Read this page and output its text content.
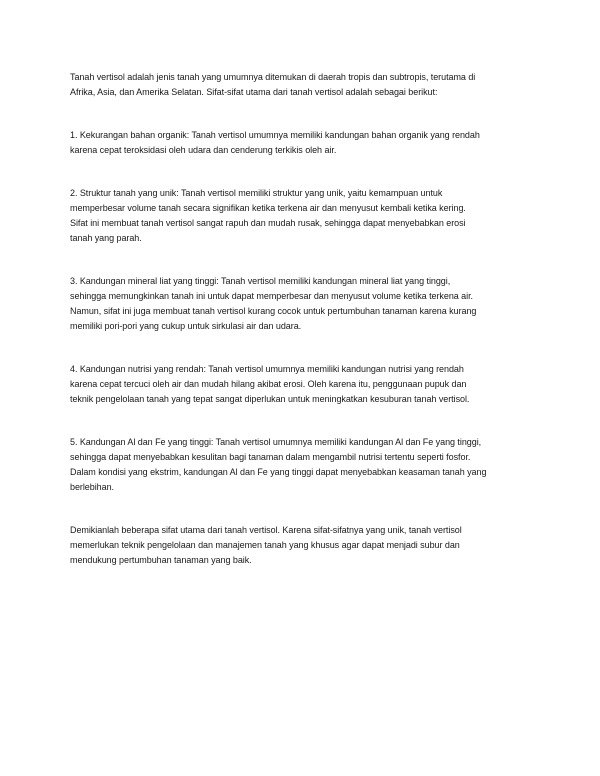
Tanah vertisol adalah jenis tanah yang umumnya ditemukan di daerah tropis dan subtropis, terutama di
Afrika, Asia, dan Amerika Selatan. Sifat-sifat utama dari tanah vertisol adalah sebagai berikut:

1. Kekurangan bahan organik: Tanah vertisol umumnya memiliki kandungan bahan organik yang rendah
karena cepat teroksidasi oleh udara dan cenderung terkikis oleh air.

2. Struktur tanah yang unik: Tanah vertisol memiliki struktur yang unik, yaitu kemampuan untuk
memperbesar volume tanah secara signifikan ketika terkena air dan menyusut kembali ketika kering.
Sifat ini membuat tanah vertisol sangat rapuh dan mudah rusak, sehingga dapat menyebabkan erosi
tanah yang parah.

3. Kandungan mineral liat yang tinggi: Tanah vertisol memiliki kandungan mineral liat yang tinggi,
sehingga memungkinkan tanah ini untuk dapat memperbesar dan menyusut volume ketika terkena air.
Namun, sifat ini juga membuat tanah vertisol kurang cocok untuk pertumbuhan tanaman karena kurang
memiliki pori-pori yang cukup untuk sirkulasi air dan udara.

4. Kandungan nutrisi yang rendah: Tanah vertisol umumnya memiliki kandungan nutrisi yang rendah
karena cepat tercuci oleh air dan mudah hilang akibat erosi. Oleh karena itu, penggunaan pupuk dan
teknik pengelolaan tanah yang tepat sangat diperlukan untuk meningkatkan kesuburan tanah vertisol.

5. Kandungan Al dan Fe yang tinggi: Tanah vertisol umumnya memiliki kandungan Al dan Fe yang tinggi,
sehingga dapat menyebabkan kesulitan bagi tanaman dalam mengambil nutrisi tertentu seperti fosfor.
Dalam kondisi yang ekstrim, kandungan Al dan Fe yang tinggi dapat menyebabkan keasaman tanah yang
berlebihan.

Demikianlah beberapa sifat utama dari tanah vertisol. Karena sifat-sifatnya yang unik, tanah vertisol
memerlukan teknik pengelolaan dan manajemen tanah yang khusus agar dapat menjadi subur dan
mendukung pertumbuhan tanaman yang baik.
